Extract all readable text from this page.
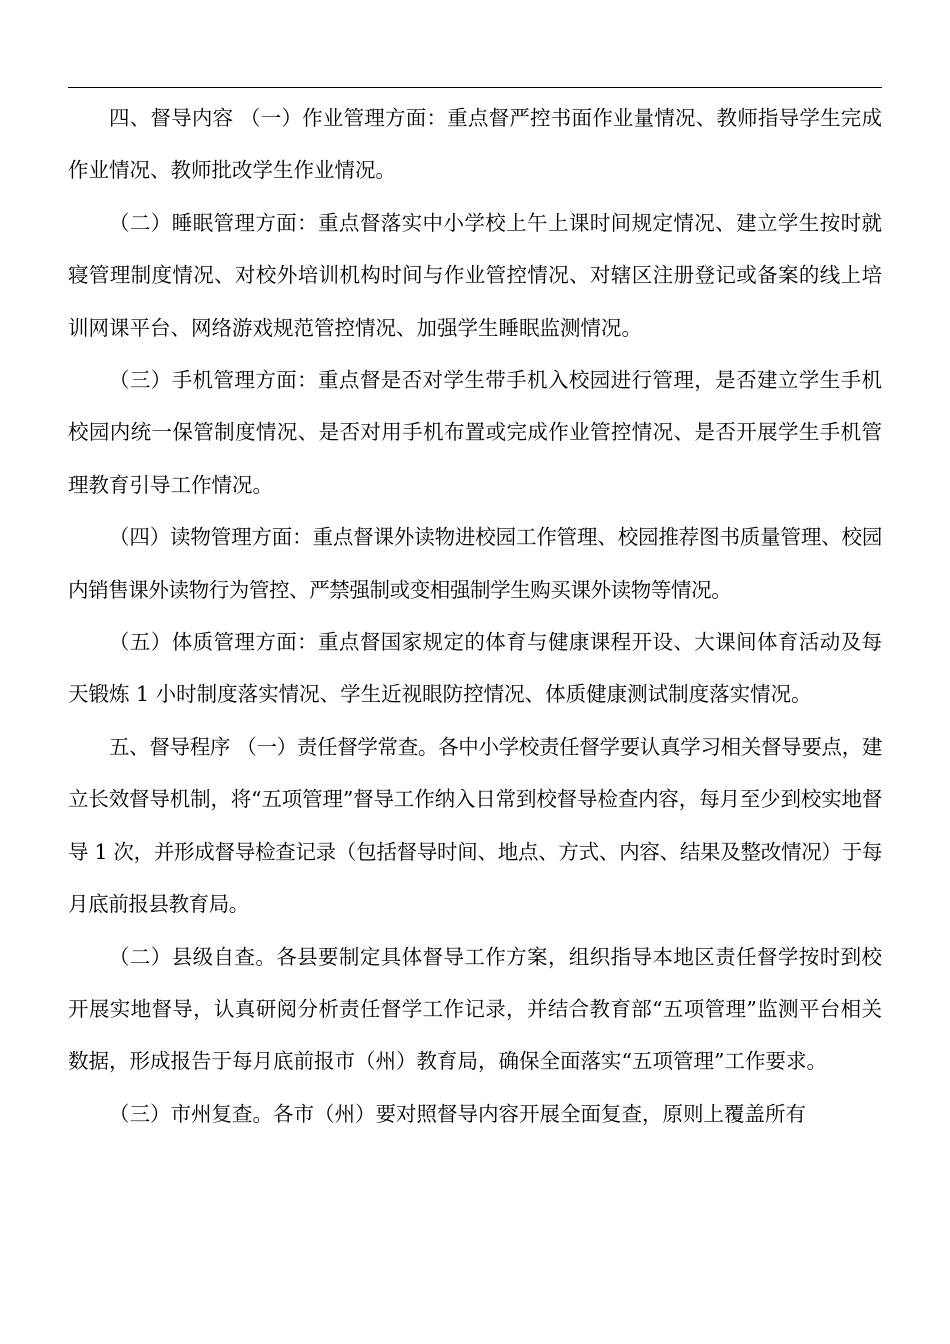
四、督导内容 （一）作业管理方面：重点督严控书面作业量情况、教师指导学生完成作业情况、教师批改学生作业情况。

（二）睡眠管理方面：重点督落实中小学校上午上课时间规定情况、建立学生按时就寝管理制度情况、对校外培训机构时间与作业管控情况、对辖区注册登记或备案的线上培训网课平台、网络游戏规范管控情况、加强学生睡眠监测情况。

（三）手机管理方面：重点督是否对学生带手机入校园进行管理，是否建立学生手机校园内统一保管制度情况、是否对用手机布置或完成作业管控情况、是否开展学生手机管理教育引导工作情况。

（四）读物管理方面：重点督课外读物进校园工作管理、校园推荐图书质量管理、校园内销售课外读物行为管控、严禁强制或变相强制学生购买课外读物等情况。

（五）体质管理方面：重点督国家规定的体育与健康课程开设、大课间体育活动及每天锻炼 1 小时制度落实情况、学生近视眼防控情况、体质健康测试制度落实情况。

五、督导程序 （一）责任督学常查。各中小学校责任督学要认真学习相关督导要点，建立长效督导机制，将“五项管理”督导工作纳入日常到校督导检查内容，每月至少到校实地督导 1 次，并形成督导检查记录（包括督导时间、地点、方式、内容、结果及整改情况）于每月底前报县教育局。

（二）县级自查。各县要制定具体督导工作方案，组织指导本地区责任督学按时到校开展实地督导，认真研阅分析责任督学工作记录，并结合教育部“五项管理”监测平台相关数据，形成报告于每月底前报市（州）教育局，确保全面落实“五项管理”工作要求。

（三）市州复查。各市（州）要对照督导内容开展全面复查，原则上覆盖所有
